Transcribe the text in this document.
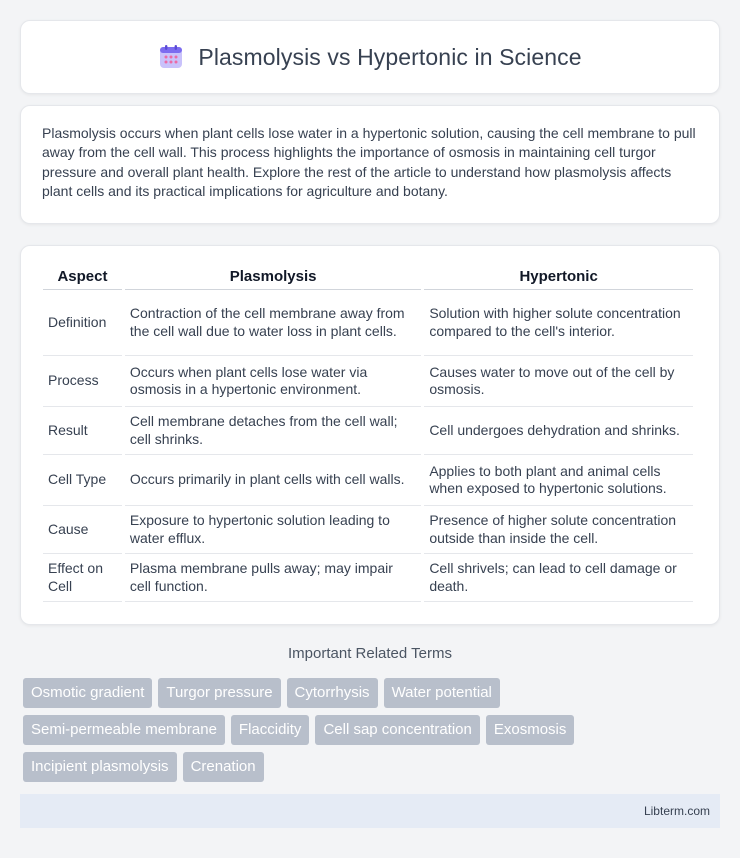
Plasmolysis vs Hypertonic in Science

Plasmolysis occurs when plant cells lose water in a hypertonic solution, causing the cell membrane to pull away from the cell wall. This process highlights the importance of osmosis in maintaining cell turgor pressure and overall plant health. Explore the rest of the article to understand how plasmolysis affects plant cells and its practical implications for agriculture and botany.

Aspect	Plasmolysis	Hypertonic
Definition	Contraction of the cell membrane away from the cell wall due to water loss in plant cells.	Solution with higher solute concentration compared to the cell's interior.
Process	Occurs when plant cells lose water via osmosis in a hypertonic environment.	Causes water to move out of the cell by osmosis.
Result	Cell membrane detaches from the cell wall; cell shrinks.	Cell undergoes dehydration and shrinks.
Cell Type	Occurs primarily in plant cells with cell walls.	Applies to both plant and animal cells when exposed to hypertonic solutions.
Cause	Exposure to hypertonic solution leading to water efflux.	Presence of higher solute concentration outside than inside the cell.
Effect on Cell	Plasma membrane pulls away; may impair cell function.	Cell shrivels; can lead to cell damage or death.
Important Related Terms
Osmotic gradient	Turgor pressure	Cytorrhysis	Water potential
Semi-permeable membrane	Flaccidity	Cell sap concentration	Exosmosis
Incipient plasmolysis	Crenation
Libterm.com
